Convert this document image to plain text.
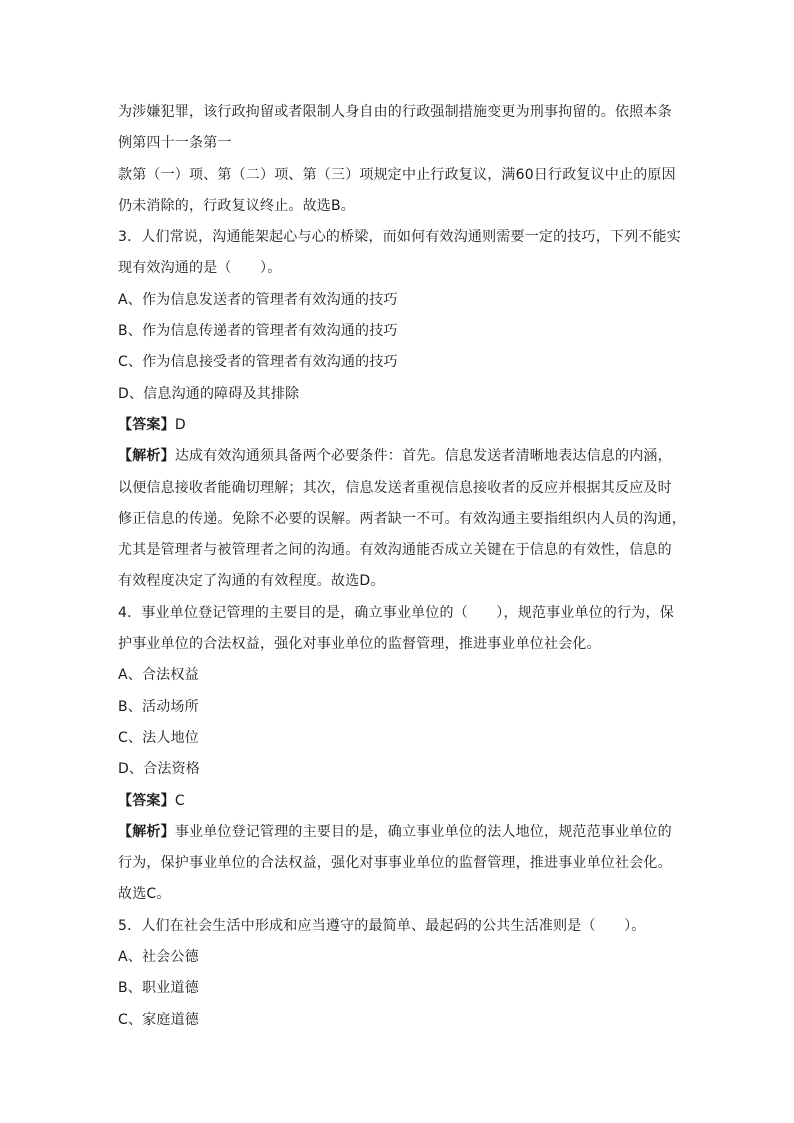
为涉嫌犯罪，该行政拘留或者限制人身自由的行政强制措施变更为刑事拘留的。依照本条
例第四十一条第一
款第（一）项、第（二）项、第（三）项规定中止行政复议，满60日行政复议中止的原因
仍未消除的，行政复议终止。故选B。
3．人们常说，沟通能架起心与心的桥梁，而如何有效沟通则需要一定的技巧，下列不能实
现有效沟通的是（　　）。
A、作为信息发送者的管理者有效沟通的技巧
B、作为信息传递者的管理者有效沟通的技巧
C、作为信息接受者的管理者有效沟通的技巧
D、信息沟通的障碍及其排除
【答案】D
【解析】达成有效沟通须具备两个必要条件：首先。信息发送者清晰地表达信息的内涵，
以便信息接收者能确切理解；其次，信息发送者重视信息接收者的反应并根据其反应及时
修正信息的传递。免除不必要的误解。两者缺一不可。有效沟通主要指组织内人员的沟通，
尤其是管理者与被管理者之间的沟通。有效沟通能否成立关键在于信息的有效性，信息的
有效程度决定了沟通的有效程度。故选D。
4．事业单位登记管理的主要目的是，确立事业单位的（　　），规范事业单位的行为，保
护事业单位的合法权益，强化对事业单位的监督管理，推进事业单位社会化。
A、合法权益
B、活动场所
C、法人地位
D、合法资格
【答案】C
【解析】事业单位登记管理的主要目的是，确立事业单位的法人地位，规范范事业单位的
行为，保护事业单位的合法权益，强化对事事业单位的监督管理，推进事业单位社会化。
故选C。
5．人们在社会生活中形成和应当遵守的最简单、最起码的公共生活准则是（　　）。
A、社会公德
B、职业道德
C、家庭道德
